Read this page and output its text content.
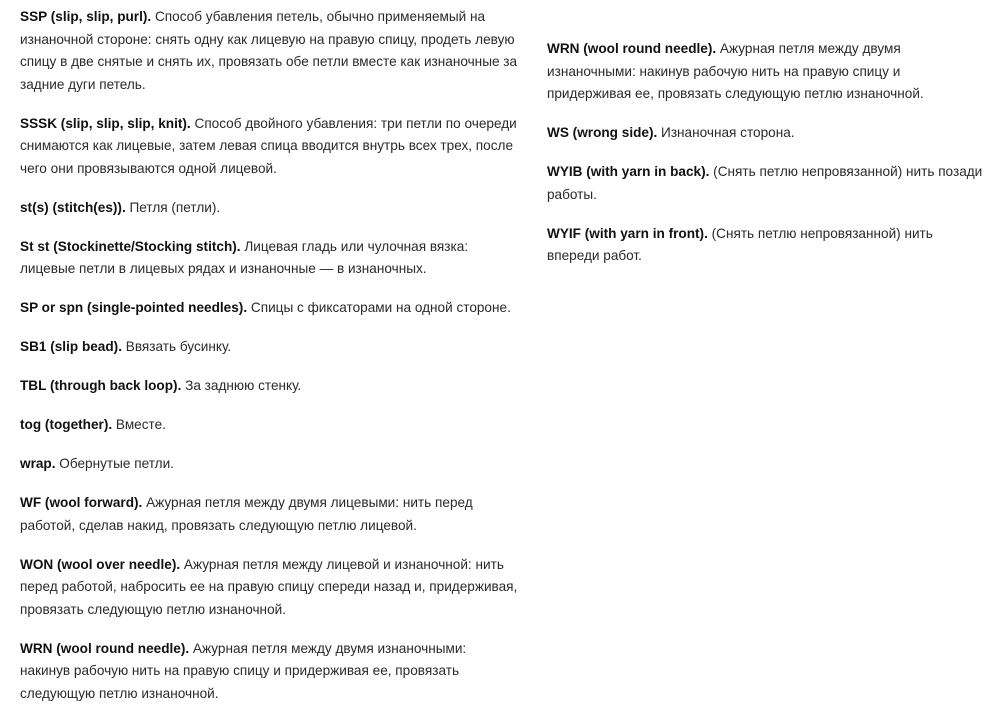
SSP (slip, slip, purl). Способ убавления петель, обычно применяемый на изнаночной стороне: снять одну как лицевую на правую спицу, продеть левую спицу в две снятые и снять их, провязать обе петли вместе как изнаночные за задние дуги петель.

SSSK (slip, slip, slip, knit). Способ двойного убавления: три петли по очереди снимаются как лицевые, затем левая спица вводится внутрь всех трех, после чего они провязываются одной лицевой.

st(s) (stitch(es)). Петля (петли).

St st (Stockinette/Stocking stitch). Лицевая гладь или чулочная вязка: лицевые петли в лицевых рядах и изнаночные — в изнаночных.

SP or spn (single-pointed needles). Спицы с фиксаторами на одной стороне.

SB1 (slip bead). Ввязать бусинку.

TBL (through back loop). За заднюю стенку.

tog (together). Вместе.

wrap. Обернутые петли.

WF (wool forward). Ажурная петля между двумя лицевыми: нить перед работой, сделав накид, провязать следующую петлю лицевой.

WON (wool over needle). Ажурная петля между лицевой и изнаночной: нить перед работой, набросить ее на правую спицу спереди назад и, придерживая, провязать следующую петлю изнаночной.

WRN (wool round needle). Ажурная петля между двумя изнаночными: накинув рабочую нить на правую спицу и придерживая ее, провязать следующую петлю изнаночной.

WRN (wool round needle). Ажурная петля между двумя изнаночными: накинув рабочую нить на правую спицу и придерживая ее, провязать следующую петлю изнаночной.

WS (wrong side). Изнаночная сторона.

WYIB (with yarn in back). (Снять петлю непровязанной) нить позади работы.

WYIF (with yarn in front). (Снять петлю непровязанной) нить впереди работ.
